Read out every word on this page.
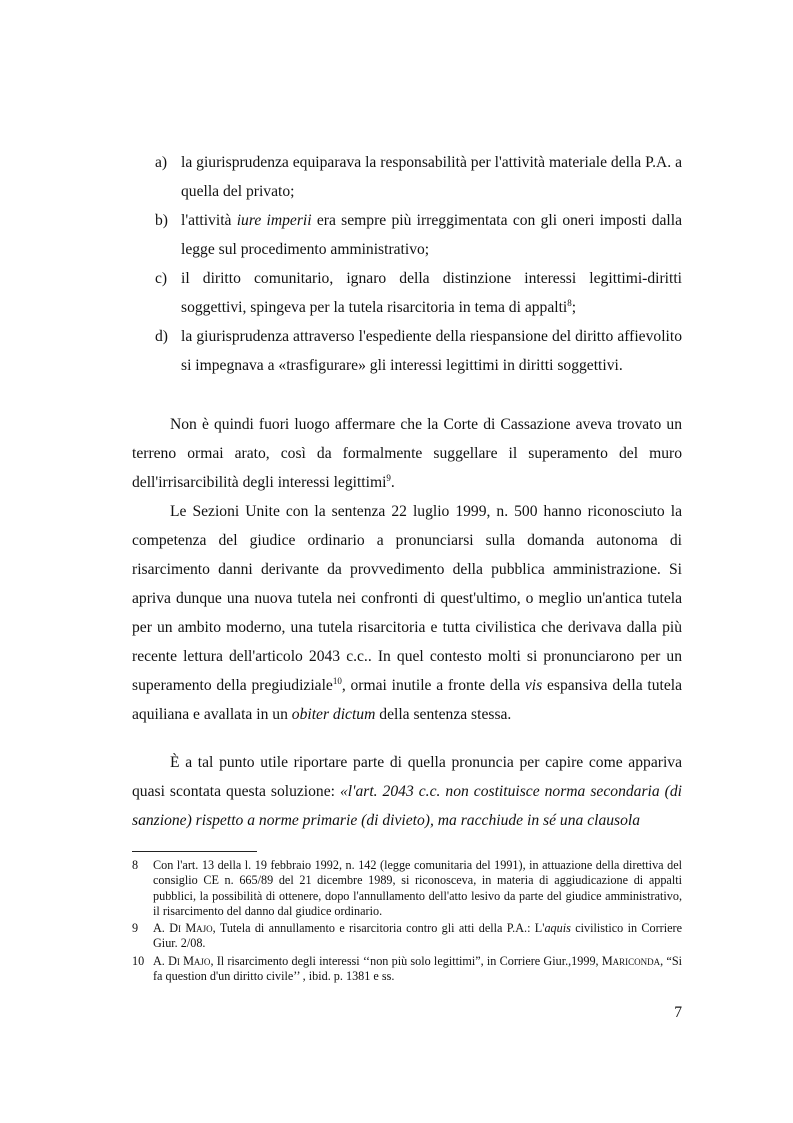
a) la giurisprudenza equiparava la responsabilità per l'attività materiale della P.A. a quella del privato;

b) l'attività iure imperii era sempre più irreggimentata con gli oneri imposti dalla legge sul procedimento amministrativo;

c) il diritto comunitario, ignaro della distinzione interessi legittimi-diritti soggettivi, spingeva per la tutela risarcitoria in tema di appalti$^8$;

d) la giurisprudenza attraverso l'espediente della riespansione del diritto affievolito si impegnava a «trasfigurare» gli interessi legittimi in diritti soggettivi.

Non è quindi fuori luogo affermare che la Corte di Cassazione aveva trovato un terreno ormai arato, così da formalmente suggellare il superamento del muro dell'irrisarcibilità degli interessi legittimi$^9$.

Le Sezioni Unite con la sentenza 22 luglio 1999, n. 500 hanno riconosciuto la competenza del giudice ordinario a pronunciarsi sulla domanda autonoma di risarcimento danni derivante da provvedimento della pubblica amministrazione. Si apriva dunque una nuova tutela nei confronti di quest'ultimo, o meglio un'antica tutela per un ambito moderno, una tutela risarcitoria e tutta civilistica che derivava dalla più recente lettura dell'articolo 2043 c.c.. In quel contesto molti si pronunciarono per un superamento della pregiudiziale$^{10}$, ormai inutile a fronte della vis espansiva della tutela aquiliana e avallata in un obiter dictum della sentenza stessa.

È a tal punto utile riportare parte di quella pronuncia per capire come appariva quasi scontata questa soluzione: «l'art. 2043 c.c. non costituisce norma secondaria (di sanzione) rispetto a norme primarie (di divieto), ma racchiude in sé una clausola

8 Con l'art. 13 della l. 19 febbraio 1992, n. 142 (legge comunitaria del 1991), in attuazione della direttiva del consiglio CE n. 665/89 del 21 dicembre 1989, si riconosceva, in materia di aggiudicazione di appalti pubblici, la possibilità di ottenere, dopo l'annullamento dell'atto lesivo da parte del giudice amministrativo, il risarcimento del danno dal giudice ordinario.

9 A. Di Majo, Tutela di annullamento e risarcitoria contro gli atti della P.A.: L'aquis civilistico in Corriere Giur. 2/08.

10 A. Di Majo, Il risarcimento degli interessi ‘‘non più solo legittimi”, in Corriere Giur.,1999, Mariconda, “Si fa question d'un diritto civile’’ , ibid. p. 1381 e ss.

7
